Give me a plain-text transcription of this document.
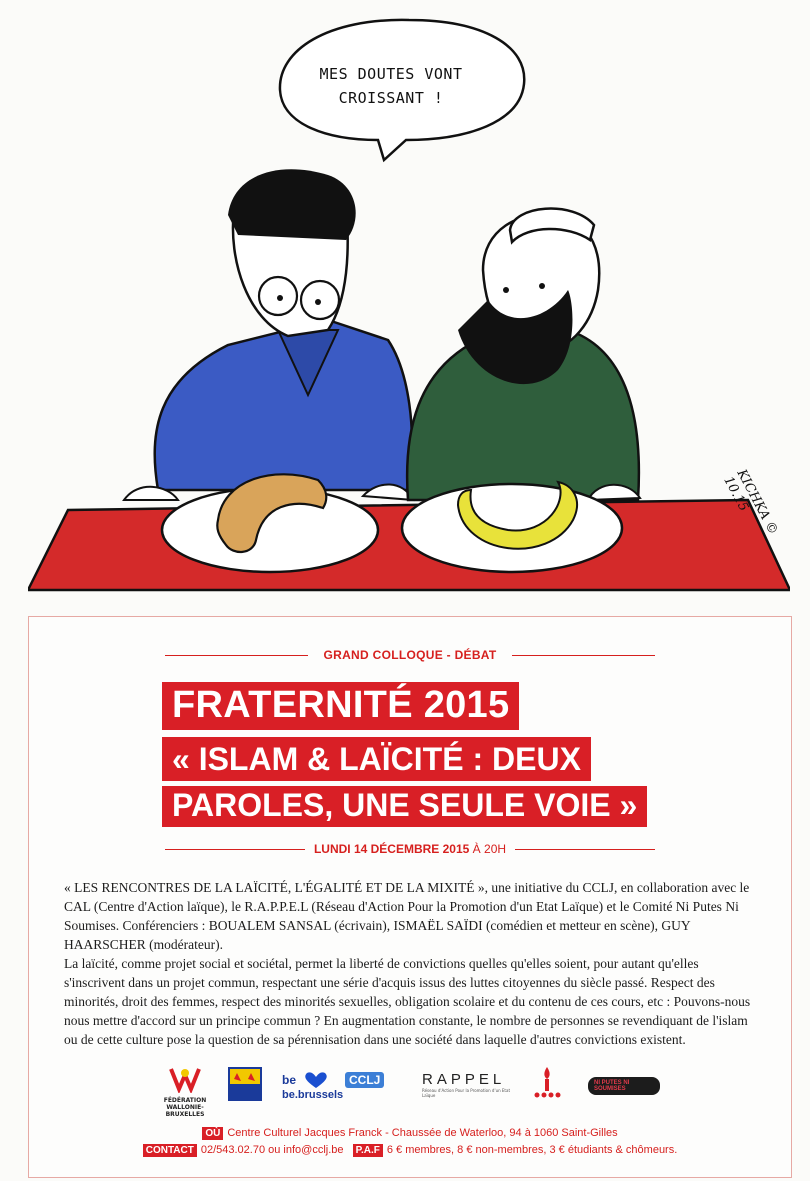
MES DOUTES VONT
CROISSANT !
KICHKA © 10.15
GRAND COLLOQUE - DÉBAT
FRATERNITÉ 2015
« ISLAM & LAÏCITÉ : DEUX
PAROLES, UNE SEULE VOIE »
LUNDI 14 DÉCEMBRE 2015 À 20H

« LES RENCONTRES DE LA LAÏCITÉ, L'ÉGALITÉ ET DE LA MIXITÉ », une initiative du CCLJ, en collaboration avec le CAL (Centre d'Action laïque), le R.A.P.P.E.L (Réseau d'Action Pour la Promotion d'un Etat Laïque) et le Comité Ni Putes Ni Soumises. Conférenciers : BOUALEM SANSAL (écrivain), ISMAËL SAÏDI (comédien et metteur en scène), GUY HAARSCHER (modérateur).

La laïcité, comme projet social et sociétal, permet la liberté de convictions quelles qu'elles soient, pour autant qu'elles s'inscrivent dans un projet commun, respectant une série d'acquis issus des luttes citoyennes du siècle passé. Respect des minorités, droit des femmes, respect des minorités sexuelles, obligation scolaire et du contenu de ces cours, etc : Pouvons-nous nous mettre d'accord sur un principe commun ? En augmentation constante, le nombre de personnes se revendiquant de l'islam ou de cette culture pose la question de sa pérennisation dans une société dans laquelle d'autres convictions existent.

FÉDÉRATION WALLONIE-BRUXELLES
be
be.brussels
CCLJ	RAPPEL
Réseau d'Action Pour la Promotion d'un Etat Laïque
NI PUTES NI SOUMISES
OÙ Centre Culturel Jacques Franck - Chaussée de Waterloo, 94 à 1060 Saint-Gilles
CONTACT 02/543.02.70 ou info@cclj.be P.A.F 6 € membres, 8 € non-membres, 3 € étudiants & chômeurs.
